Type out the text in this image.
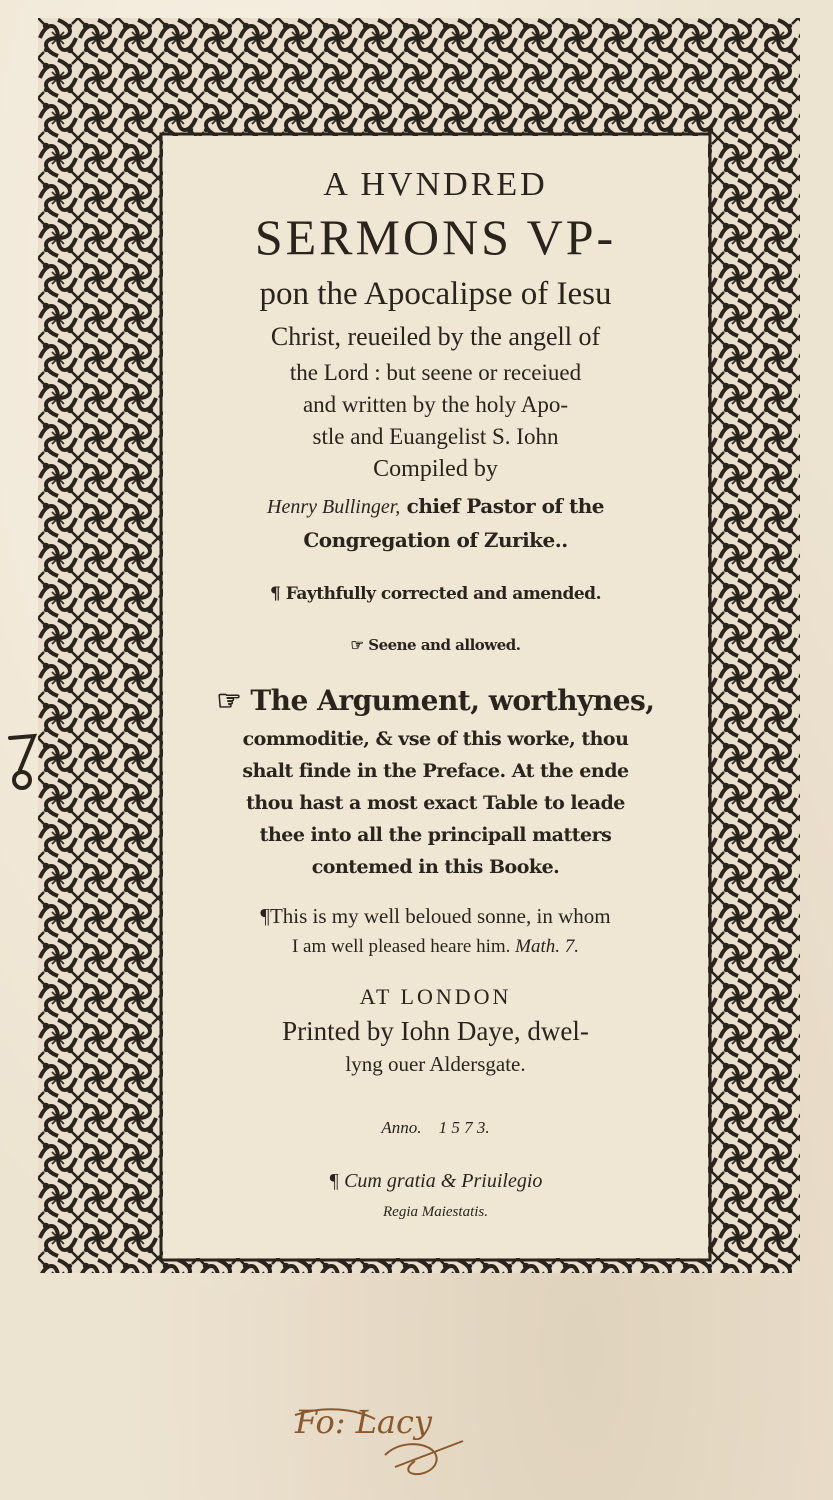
A HVNDRED
SERMONS VP-
pon the Apocalipse of Iesu
Christ, reueiled by the angell of
the Lord : but seene or receiued
and written by the holy Apo-
stle and Euangelist S. Iohn
Compiled by
Henry Bullinger, chief Pastor of the
Congregation of Zurike..
¶ Faythfully corrected and amended.
☞ Seene and allowed.
☞ The Argument, worthynes,
commoditie, & vse of this worke, thou
shalt finde in the Preface. At the ende
thou hast a most exact Table to leade
thee into all the principall matters
contemed in this Booke.
¶This is my well beloued sonne, in whom
I am well pleased heare him. Math. 7.
AT LONDON
Printed by Iohn Daye, dwel-
lyng ouer Aldersgate.
Anno. 1 5 7 3.
¶ Cum gratia & Priuilegio
Regia Maiestatis.
Fo: Lacy
